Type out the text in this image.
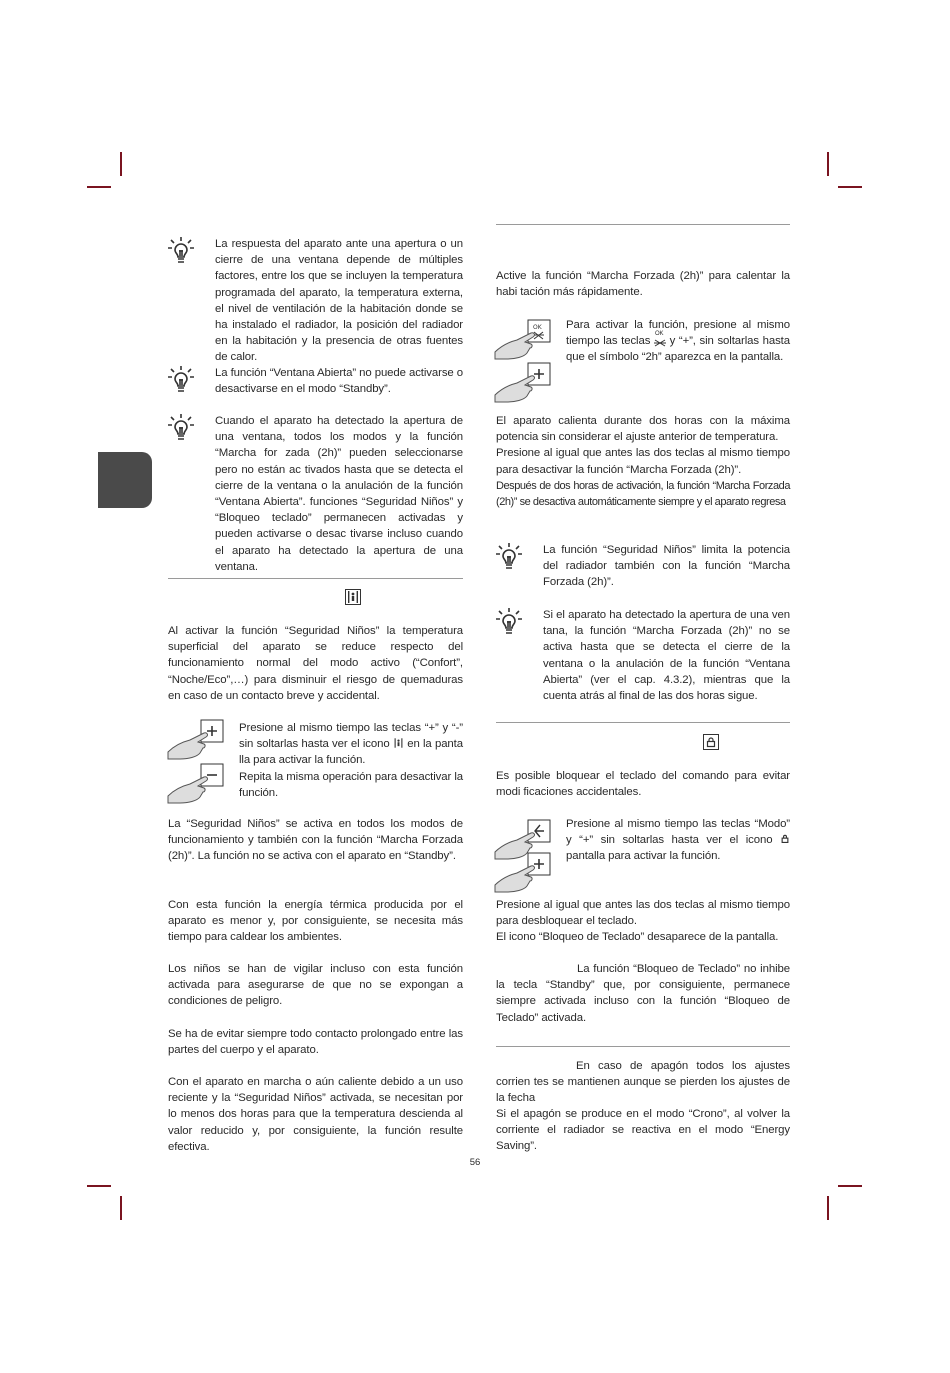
La respuesta del aparato ante una apertura o un cierre de una ventana depende de múltiples factores, entre los que se incluyen la temperatura programada del aparato, la temperatura externa, el nivel de ventilación de la habitación donde se ha instalado el radiador, la posición del radiador en la habitación y la presencia de otras fuentes de calor.
La función “Ventana Abierta” no puede activarse o desactivarse en el modo “Standby”.
Cuando el aparato ha detectado la apertura de una ventana, todos los modos y la función “Marcha for zada (2h)” pueden seleccionarse pero no están ac tivados hasta que se detecta el cierre de la ventana o la anulación de la función “Ventana Abierta”. funciones “Seguridad Niños” y “Bloqueo teclado” permanecen activadas y pueden activarse o desac tivarse incluso cuando el aparato ha detectado la apertura de una ventana.
Al activar la función “Seguridad Niños” la temperatura superficial del aparato se reduce respecto del funcionamiento normal del modo activo (“Confort”, “Noche/Eco”,…) para disminuir el riesgo de quemaduras en caso de un contacto breve y accidental.

Presione al mismo tiempo las teclas “+” y “-” sin soltarlas hasta ver el icono en la panta lla para activar la función.

Repita la misma operación para desactivar la función.

La “Seguridad Niños” se activa en todos los modos de funcionamiento y también con la función “Marcha Forzada (2h)”. La función no se activa con el aparato en “Standby”.
Con esta función la energía térmica producida por el aparato es menor y, por consiguiente, se necesita más tiempo para caldear los ambientes.
Los niños se han de vigilar incluso con esta función activada para asegurarse de que no se expongan a condiciones de peligro.
Se ha de evitar siempre todo contacto prolongado entre las partes del cuerpo y el aparato.
Con el aparato en marcha o aún caliente debido a un uso reciente y la “Seguridad Niños” activada, se necesitan por lo menos dos horas para que la temperatura descienda al valor reducido y, por consiguiente, la función resulte efectiva.
Active la función “Marcha Forzada (2h)” para calentar la habi tación más rápidamente.
OK Para activar la función, presione al mismo tiempo las teclas
OK
y “+”, sin soltarlas hasta que el símbolo “2h” aparezca en la pantalla.

El aparato calienta durante dos horas con la máxima potencia sin considerar el ajuste anterior de temperatura.

Presione al igual que antes las dos teclas al mismo tiempo para desactivar la función “Marcha Forzada (2h)”.

Después de dos horas de activación, la función “Marcha Forzada (2h)” se desactiva automáticamente siempre y el aparato regresa

La función “Seguridad Niños” limita la potencia del radiador también con la función “Marcha Forzada (2h)”.
Si el aparato ha detectado la apertura de una ven tana, la función “Marcha Forzada (2h)” no se activa hasta que se detecta el cierre de la ventana o la anulación de la función “Ventana Abierta” (ver el cap. 4.3.2), mientras que la cuenta atrás al final de las dos horas sigue.
Es posible bloquear el teclado del comando para evitar modi ficaciones accidentales.

Presione al mismo tiempo las teclas “Modo” y “+” sin soltarlas hasta ver el icono  pantalla para activar la función.

Presione al igual que antes las dos teclas al mismo tiempo para desbloquear el teclado.

El icono “Bloqueo de Teclado” desaparece de la pantalla.

La función “Bloqueo de Teclado” no inhibe la tecla “Standby” que, por consiguiente, permanece siempre activada incluso con la función “Bloqueo de Teclado” activada.
En caso de apagón todos los ajustes corrien tes se mantienen aunque se pierden los ajustes de la fecha
Si el apagón se produce en el modo “Crono”, al volver la corriente el radiador se reactiva en el modo “Energy Saving”.
56
